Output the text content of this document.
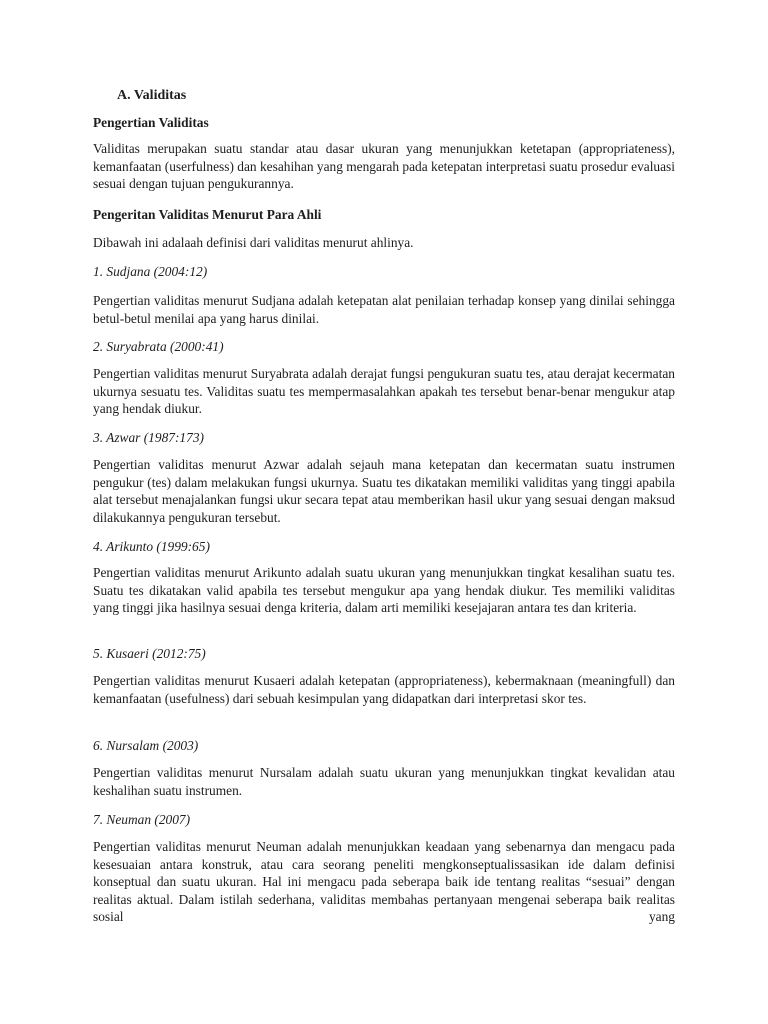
A. Validitas
Pengertian Validitas

Validitas merupakan suatu standar atau dasar ukuran yang menunjukkan ketetapan (appropriateness), kemanfaatan (userfulness) dan kesahihan yang mengarah pada ketepatan interpretasi suatu prosedur evaluasi sesuai dengan tujuan pengukurannya.

Pengeritan Validitas Menurut Para Ahli

Dibawah ini adalaah definisi dari validitas menurut ahlinya.

1. Sudjana (2004:12)

Pengertian validitas menurut Sudjana adalah ketepatan alat penilaian terhadap konsep yang dinilai sehingga betul-betul menilai apa yang harus dinilai.

2. Suryabrata (2000:41)

Pengertian validitas menurut Suryabrata adalah derajat fungsi pengukuran suatu tes, atau derajat kecermatan ukurnya sesuatu tes. Validitas suatu tes mempermasalahkan apakah tes tersebut benar-benar mengukur atap yang hendak diukur.

3. Azwar (1987:173)

Pengertian validitas menurut Azwar adalah sejauh mana ketepatan dan kecermatan suatu instrumen pengukur (tes) dalam melakukan fungsi ukurnya. Suatu tes dikatakan memiliki validitas yang tinggi apabila alat tersebut menajalankan fungsi ukur secara tepat atau memberikan hasil ukur yang sesuai dengan maksud dilakukannya pengukuran tersebut.

4. Arikunto (1999:65)

Pengertian validitas menurut Arikunto adalah suatu ukuran yang menunjukkan tingkat kesalihan suatu tes. Suatu tes dikatakan valid apabila tes tersebut mengukur apa yang hendak diukur. Tes memiliki validitas yang tinggi jika hasilnya sesuai denga kriteria, dalam arti memiliki kesejajaran antara tes dan kriteria.

5. Kusaeri (2012:75)

Pengertian validitas menurut Kusaeri adalah ketepatan (appropriateness), kebermaknaan (meaningfull) dan kemanfaatan (usefulness) dari sebuah kesimpulan yang didapatkan dari interpretasi skor tes.

6. Nursalam (2003)

Pengertian validitas menurut Nursalam adalah suatu ukuran yang menunjukkan tingkat kevalidan atau keshalihan suatu instrumen.

7. Neuman (2007)

Pengertian validitas menurut Neuman adalah menunjukkan keadaan yang sebenarnya dan mengacu pada kesesuaian antara konstruk, atau cara seorang peneliti mengkonseptualissasikan ide dalam definisi konseptual dan suatu ukuran. Hal ini mengacu pada seberapa baik ide tentang realitas “sesuai” dengan realitas aktual. Dalam istilah sederhana, validitas membahas pertanyaan mengenai seberapa baik realitas sosial yang
